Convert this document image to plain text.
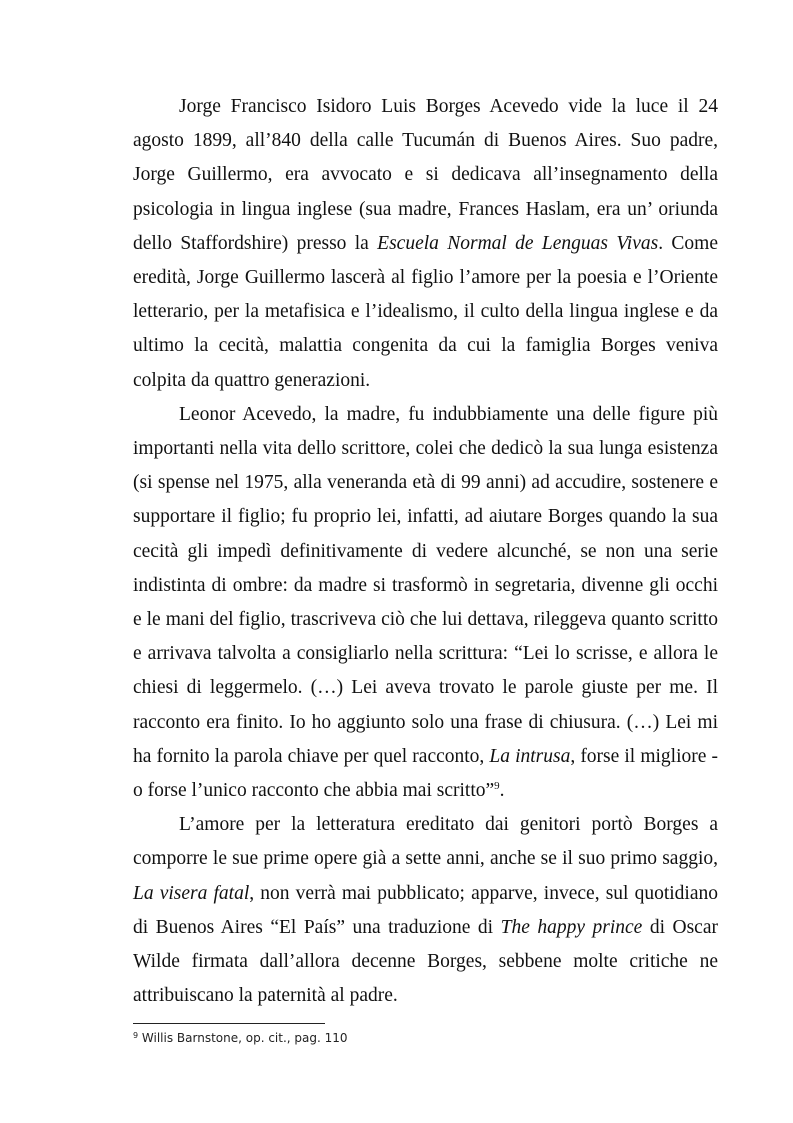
Jorge Francisco Isidoro Luis Borges Acevedo vide la luce il 24 agosto 1899, all’840 della calle Tucumán di Buenos Aires. Suo padre, Jorge Guillermo, era avvocato e si dedicava all’insegnamento della psicologia in lingua inglese (sua madre, Frances Haslam, era un’ oriunda dello Staffordshire) presso la Escuela Normal de Lenguas Vivas. Come eredità, Jorge Guillermo lascerà al figlio l’amore per la poesia e l’Oriente letterario, per la metafisica e l’idealismo, il culto della lingua inglese e da ultimo la cecità, malattia congenita da cui la famiglia Borges veniva colpita da quattro generazioni.

Leonor Acevedo, la madre, fu indubbiamente una delle figure più importanti nella vita dello scrittore, colei che dedicò la sua lunga esistenza (si spense nel 1975, alla veneranda età di 99 anni) ad accudire, sostenere e supportare il figlio; fu proprio lei, infatti, ad aiutare Borges quando la sua cecità gli impedì definitivamente di vedere alcunché, se non una serie indistinta di ombre: da madre si trasformò in segretaria, divenne gli occhi e le mani del figlio, trascriveva ciò che lui dettava, rileggeva quanto scritto e arrivava talvolta a consigliarlo nella scrittura: “Lei lo scrisse, e allora le chiesi di leggermelo. (…) Lei aveva trovato le parole giuste per me. Il racconto era finito. Io ho aggiunto solo una frase di chiusura. (…) Lei mi ha fornito la parola chiave per quel racconto, La intrusa, forse il migliore - o forse l’unico racconto che abbia mai scritto”$^9$.

L’amore per la letteratura ereditato dai genitori portò Borges a comporre le sue prime opere già a sette anni, anche se il suo primo saggio, La visera fatal, non verrà mai pubblicato; apparve, invece, sul quotidiano di Buenos Aires “El País” una traduzione di The happy prince di Oscar Wilde firmata dall’allora decenne Borges, sebbene molte critiche ne attribuiscano la paternità al padre.

$^9$ Willis Barnstone, op. cit., pag. 110
